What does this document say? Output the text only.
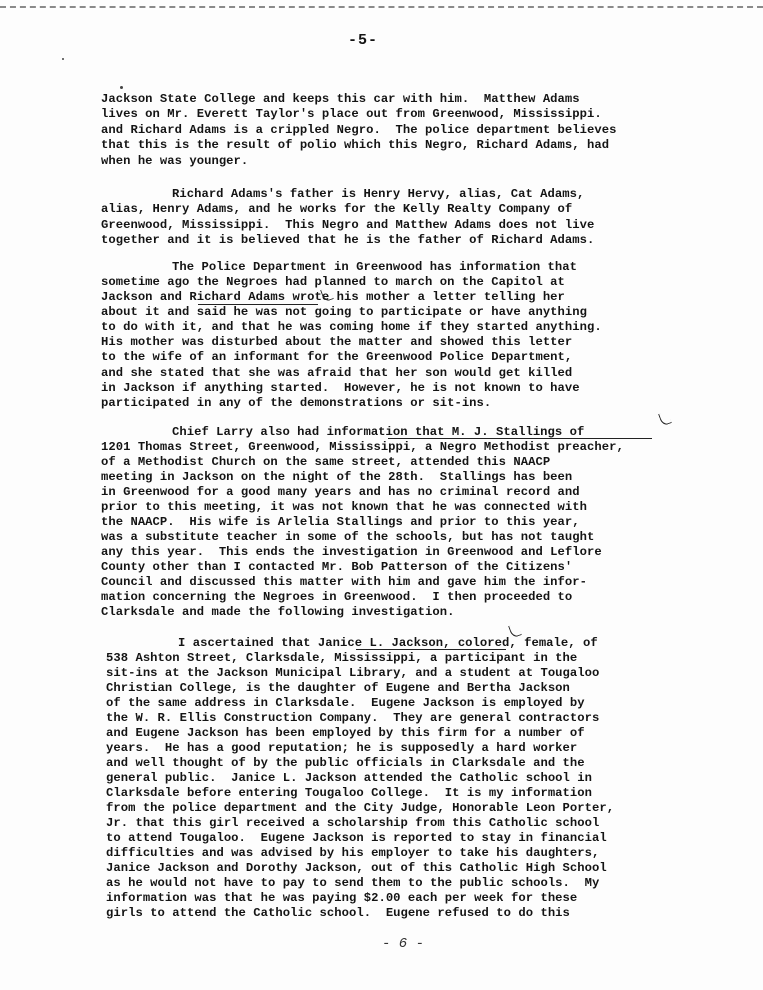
-5-
Jackson State College and keeps this car with him.  Matthew Adams
lives on Mr. Everett Taylor's place out from Greenwood, Mississippi.
and Richard Adams is a crippled Negro.  The police department believes
that this is the result of polio which this Negro, Richard Adams, had
when he was younger.
Richard Adams's father is Henry Hervy, alias, Cat Adams,
alias, Henry Adams, and he works for the Kelly Realty Company of
Greenwood, Mississippi.  This Negro and Matthew Adams does not live
together and it is believed that he is the father of Richard Adams.
The Police Department in Greenwood has information that
sometime ago the Negroes had planned to march on the Capitol at
Jackson and Richard Adams wrote his mother a letter telling her
about it and said he was not going to participate or have anything
to do with it, and that he was coming home if they started anything.
His mother was disturbed about the matter and showed this letter
to the wife of an informant for the Greenwood Police Department,
and she stated that she was afraid that her son would get killed
in Jackson if anything started.  However, he is not known to have
participated in any of the demonstrations or sit-ins.
Chief Larry also had information that M. J. Stallings of
1201 Thomas Street, Greenwood, Mississippi, a Negro Methodist preacher,
of a Methodist Church on the same street, attended this NAACP
meeting in Jackson on the night of the 28th.  Stallings has been
in Greenwood for a good many years and has no criminal record and
prior to this meeting, it was not known that he was connected with
the NAACP.  His wife is Arlelia Stallings and prior to this year,
was a substitute teacher in some of the schools, but has not taught
any this year.  This ends the investigation in Greenwood and Leflore
County other than I contacted Mr. Bob Patterson of the Citizens'
Council and discussed this matter with him and gave him the infor-
mation concerning the Negroes in Greenwood.  I then proceeded to
Clarksdale and made the following investigation.
I ascertained that Janice L. Jackson, colored, female, of
538 Ashton Street, Clarksdale, Mississippi, a participant in the
sit-ins at the Jackson Municipal Library, and a student at Tougaloo
Christian College, is the daughter of Eugene and Bertha Jackson
of the same address in Clarksdale.  Eugene Jackson is employed by
the W. R. Ellis Construction Company.  They are general contractors
and Eugene Jackson has been employed by this firm for a number of
years.  He has a good reputation; he is supposedly a hard worker
and well thought of by the public officials in Clarksdale and the
general public.  Janice L. Jackson attended the Catholic school in
Clarksdale before entering Tougaloo College.  It is my information
from the police department and the City Judge, Honorable Leon Porter,
Jr. that this girl received a scholarship from this Catholic school
to attend Tougaloo.  Eugene Jackson is reported to stay in financial
difficulties and was advised by his employer to take his daughters,
Janice Jackson and Dorothy Jackson, out of this Catholic High School
as he would not have to pay to send them to the public schools.  My
information was that he was paying $2.00 each per week for these
girls to attend the Catholic school.  Eugene refused to do this
- 6 -
